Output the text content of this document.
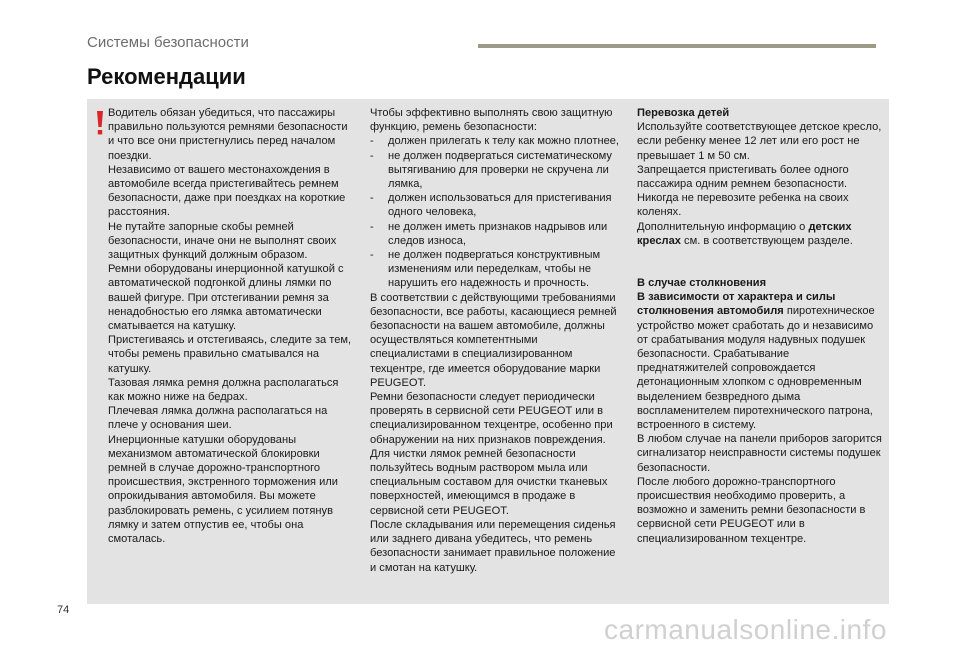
Системы безопасности
Рекомендации

Водитель обязан убедиться, что пассажиры правильно пользуются ремнями безопасности и что все они пристегнулись перед началом поездки.

Независимо от вашего местонахождения в автомобиле всегда пристегивайтесь ремнем безопасности, даже при поездках на короткие расстояния.

Не путайте запорные скобы ремней безопасности, иначе они не выполнят своих защитных функций должным образом.

Ремни оборудованы инерционной катушкой с автоматической подгонкой длины лямки по вашей фигуре. При отстегивании ремня за ненадобностью его лямка автоматически сматывается на катушку.

Пристегиваясь и отстегиваясь, следите за тем, чтобы ремень правильно сматывался на катушку.

Тазовая лямка ремня должна располагаться как можно ниже на бедрах.

Плечевая лямка должна располагаться на плече у основания шеи.

Инерционные катушки оборудованы механизмом автоматической блокировки ремней в случае дорожно-транспортного происшествия, экстренного торможения или опрокидывания автомобиля. Вы можете разблокировать ремень, с усилием потянув лямку и затем отпустив ее, чтобы она смоталась.

Чтобы эффективно выполнять свою защитную функцию, ремень безопасности:

-	должен прилегать к телу как можно плотнее,
-	не должен подвергаться систематическому вытягиванию для проверки не скручена ли лямка,
-	должен использоваться для пристегивания одного человека,
-	не должен иметь признаков надрывов или следов износа,
-	не должен подвергаться конструктивным изменениям или переделкам, чтобы не нарушить его надежность и прочность.

В соответствии с действующими требованиями безопасности, все работы, касающиеся ремней безопасности на вашем автомобиле, должны осуществляться компетентными специалистами в специализированном техцентре, где имеется оборудование марки PEUGEOT.

Ремни безопасности следует периодически проверять в сервисной сети PEUGEOT или в специализированном техцентре, особенно при обнаружении на них признаков повреждения.

Для чистки лямок ремней безопасности пользуйтесь водным раствором мыла или специальным составом для очистки тканевых поверхностей, имеющимся в продаже в сервисной сети PEUGEOT.

После складывания или перемещения сиденья или заднего дивана убедитесь, что ремень безопасности занимает правильное положение и смотан на катушку.

Перевозка детей

Используйте соответствующее детское кресло, если ребенку менее 12 лет или его рост не превышает 1 м 50 см.

Запрещается пристегивать более одного пассажира одним ремнем безопасности.

Никогда не перевозите ребенка на своих коленях.

Дополнительную информацию о детских креслах см. в соответствующем разделе.

В случае столкновения

В зависимости от характера и силы столкновения автомобиля пиротехническое устройство может сработать до и независимо от срабатывания модуля надувных подушек безопасности. Срабатывание преднатяжителей сопровождается детонационным хлопком с одновременным выделением безвредного дыма воспламенителем пиротехнического патрона, встроенного в систему.

В любом случае на панели приборов загорится сигнализатор неисправности системы подушек безопасности.

После любого дорожно-транспортного происшествия необходимо проверить, а возможно и заменить ремни безопасности в сервисной сети PEUGEOT или в специализированном техцентре.

74
carmanualsonline.info
